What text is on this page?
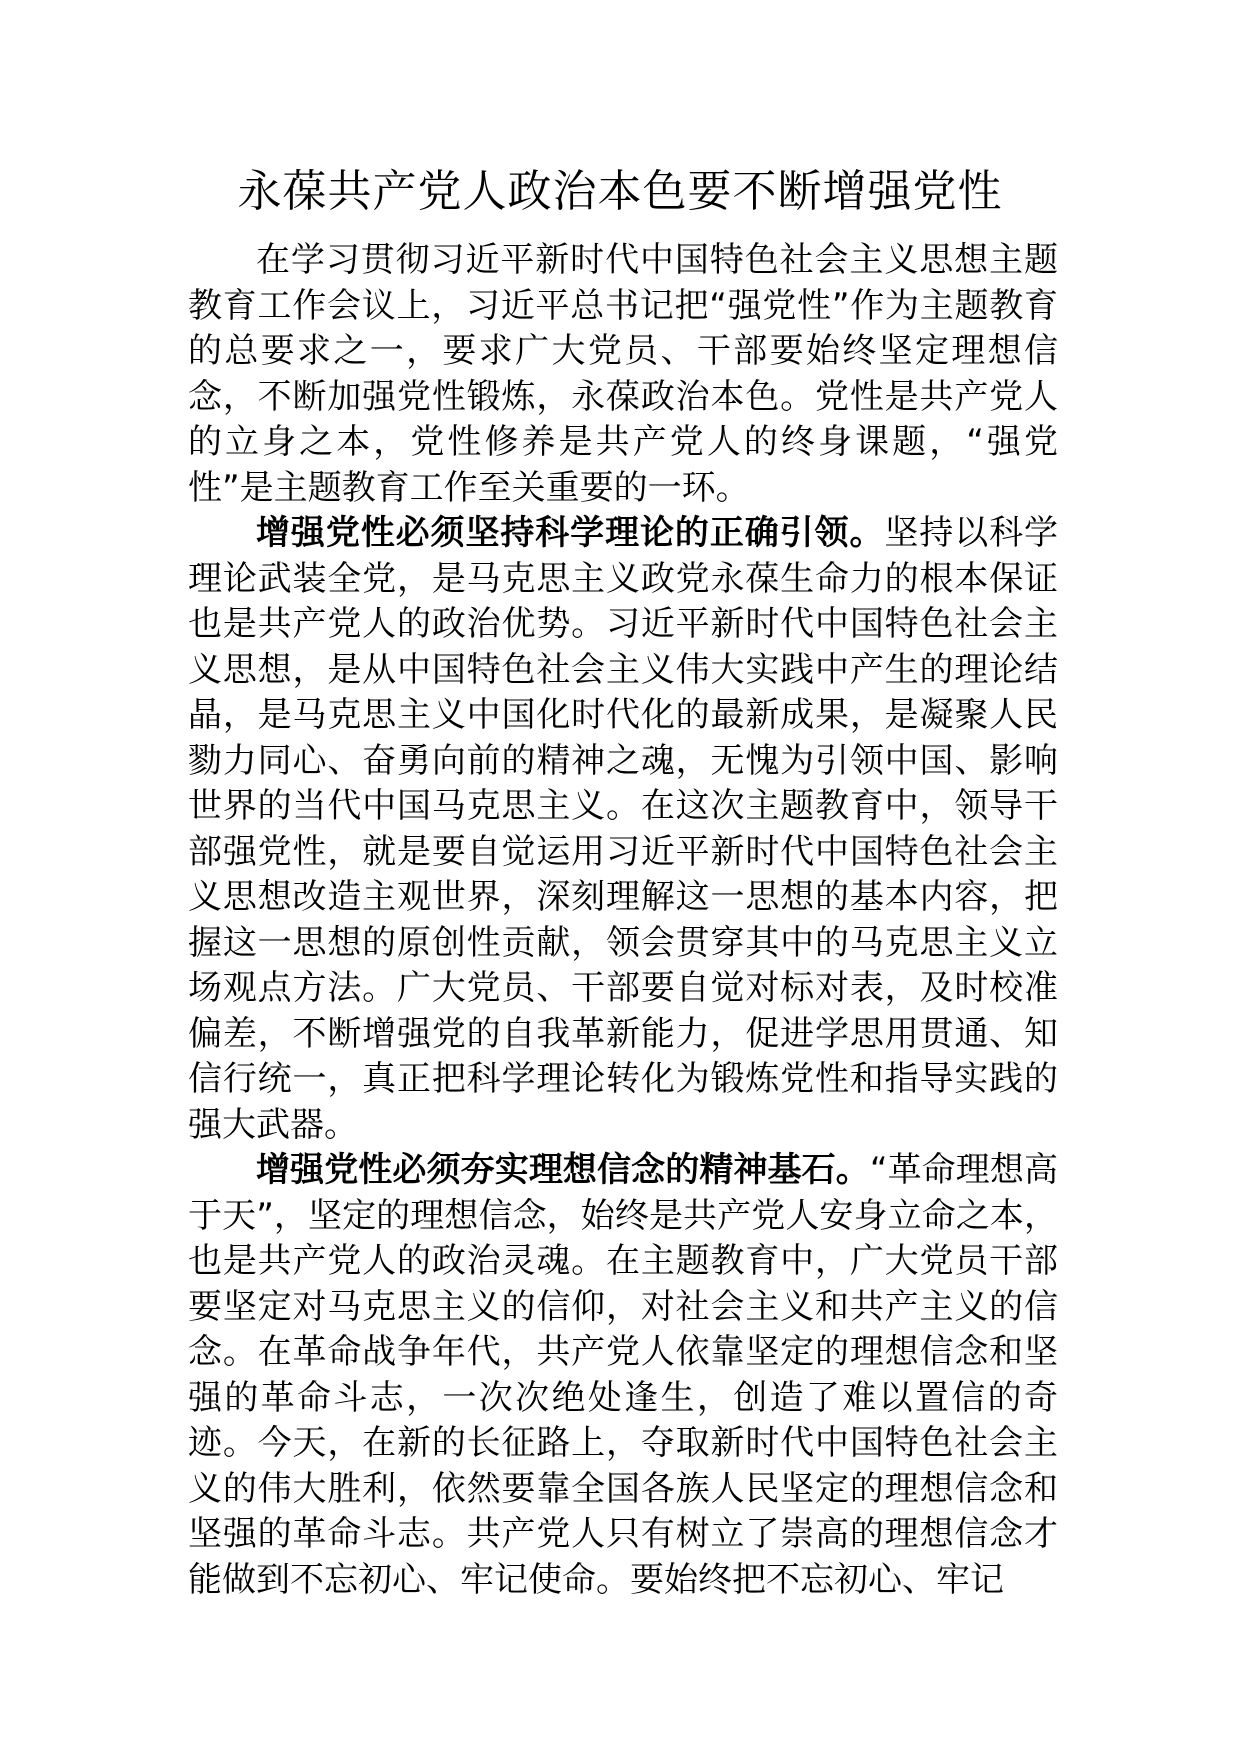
永葆共产党人政治本色要不断增强党性

在学习贯彻习近平新时代中国特色社会主义思想主题教育工作会议上，习近平总书记把“强党性”作为主题教育的总要求之一，要求广大党员、干部要始终坚定理想信念，不断加强党性锻炼，永葆政治本色。党性是共产党人的立身之本，党性修养是共产党人的终身课题，“强党性”是主题教育工作至关重要的一环。

增强党性必须坚持科学理论的正确引领。坚持以科学理论武装全党，是马克思主义政党永葆生命力的根本保证也是共产党人的政治优势。习近平新时代中国特色社会主义思想，是从中国特色社会主义伟大实践中产生的理论结晶，是马克思主义中国化时代化的最新成果，是凝聚人民勠力同心、奋勇向前的精神之魂，无愧为引领中国、影响世界的当代中国马克思主义。在这次主题教育中，领导干部强党性，就是要自觉运用习近平新时代中国特色社会主义思想改造主观世界，深刻理解这一思想的基本内容，把握这一思想的原创性贡献，领会贯穿其中的马克思主义立场观点方法。广大党员、干部要自觉对标对表，及时校准偏差，不断增强党的自我革新能力，促进学思用贯通、知信行统一，真正把科学理论转化为锻炼党性和指导实践的强大武器。

增强党性必须夯实理想信念的精神基石。“革命理想高于天”，坚定的理想信念，始终是共产党人安身立命之本，也是共产党人的政治灵魂。在主题教育中，广大党员干部要坚定对马克思主义的信仰，对社会主义和共产主义的信念。在革命战争年代，共产党人依靠坚定的理想信念和坚强的革命斗志，一次次绝处逢生，创造了难以置信的奇迹。今天，在新的长征路上，夺取新时代中国特色社会主义的伟大胜利，依然要靠全国各族人民坚定的理想信念和坚强的革命斗志。共产党人只有树立了崇高的理想信念才能做到不忘初心、牢记使命。要始终把不忘初心、牢记
